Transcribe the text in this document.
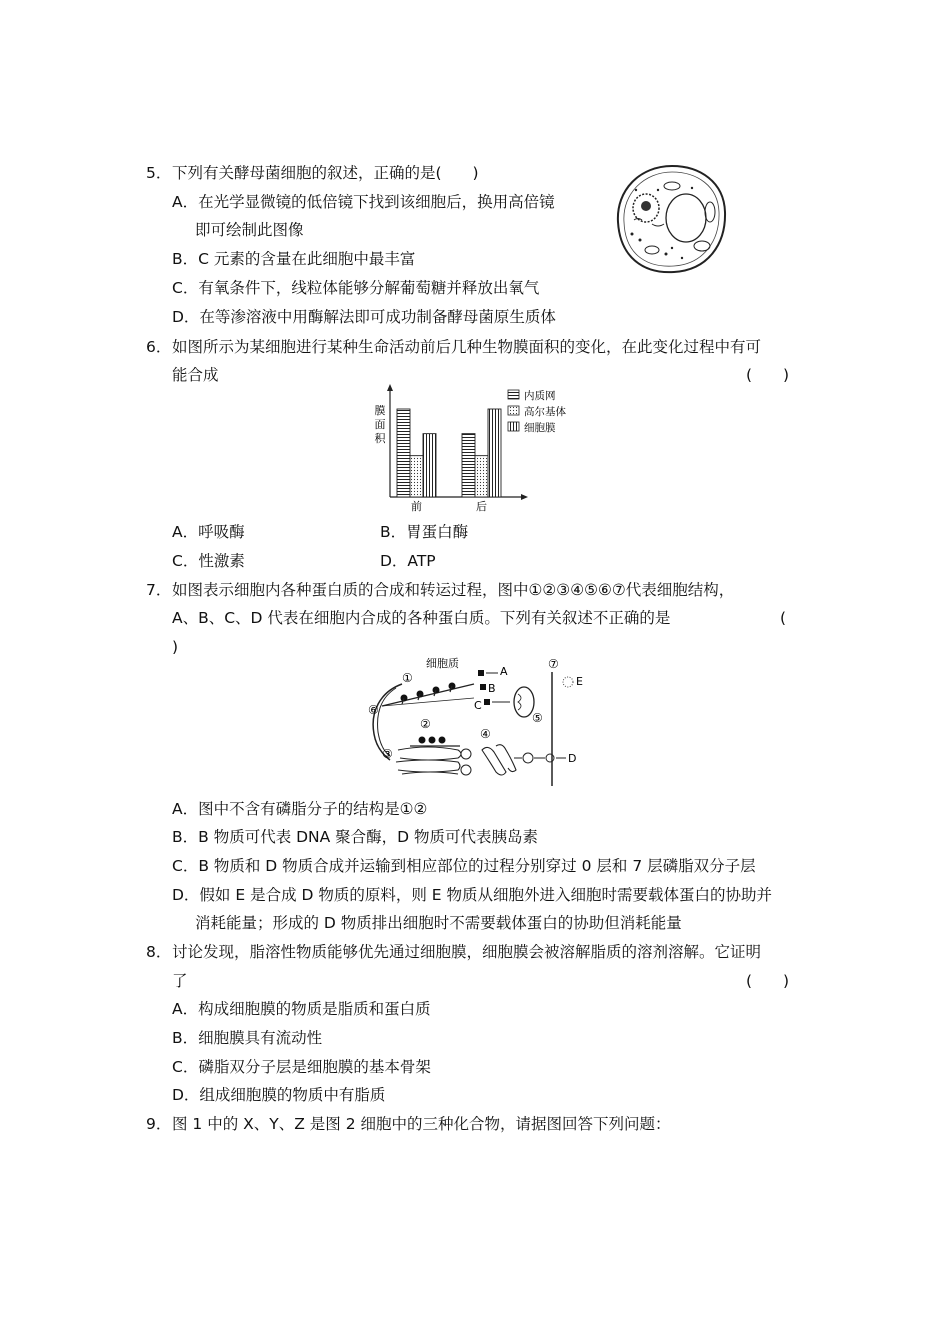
5． 下列有关酵母菌细胞的叙述，正确的是(　　)
A．在光学显微镜的低倍镜下找到该细胞后，换用高倍镜
即可绘制此图像
B．C 元素的含量在此细胞中最丰富
C．有氧条件下，线粒体能够分解葡萄糖并释放出氧气
D．在等渗溶液中用酶解法即可成功制备酵母菌原生质体
6． 如图所示为某细胞进行某种生命活动前后几种生物膜面积的变化，在此变化过程中有可
能合成	(　　)
膜
面
积
前	后
内质网
高尔基体
细胞膜
A．呼吸酶	B．胃蛋白酶
C．性激素	D．ATP
7． 如图表示细胞内各种蛋白质的合成和转运过程，图中①②③④⑤⑥⑦代表细胞结构，
A、B、C、D 代表在细胞内合成的各种蛋白质。下列有关叙述不正确的是	(
)
⑥
细胞质
①	A
B
C
⑤
⑦
E
②
③
④
D
A．图中不含有磷脂分子的结构是①②
B．B 物质可代表 DNA 聚合酶，D 物质可代表胰岛素
C．B 物质和 D 物质合成并运输到相应部位的过程分别穿过 0 层和 7 层磷脂双分子层
D．假如 E 是合成 D 物质的原料，则 E 物质从细胞外进入细胞时需要载体蛋白的协助并
消耗能量；形成的 D 物质排出细胞时不需要载体蛋白的协助但消耗能量
8． 讨论发现，脂溶性物质能够优先通过细胞膜，细胞膜会被溶解脂质的溶剂溶解。它证明
了	(　　)
A．构成细胞膜的物质是脂质和蛋白质
B．细胞膜具有流动性
C．磷脂双分子层是细胞膜的基本骨架
D．组成细胞膜的物质中有脂质
9． 图 1 中的 X、Y、Z 是图 2 细胞中的三种化合物，请据图回答下列问题：
